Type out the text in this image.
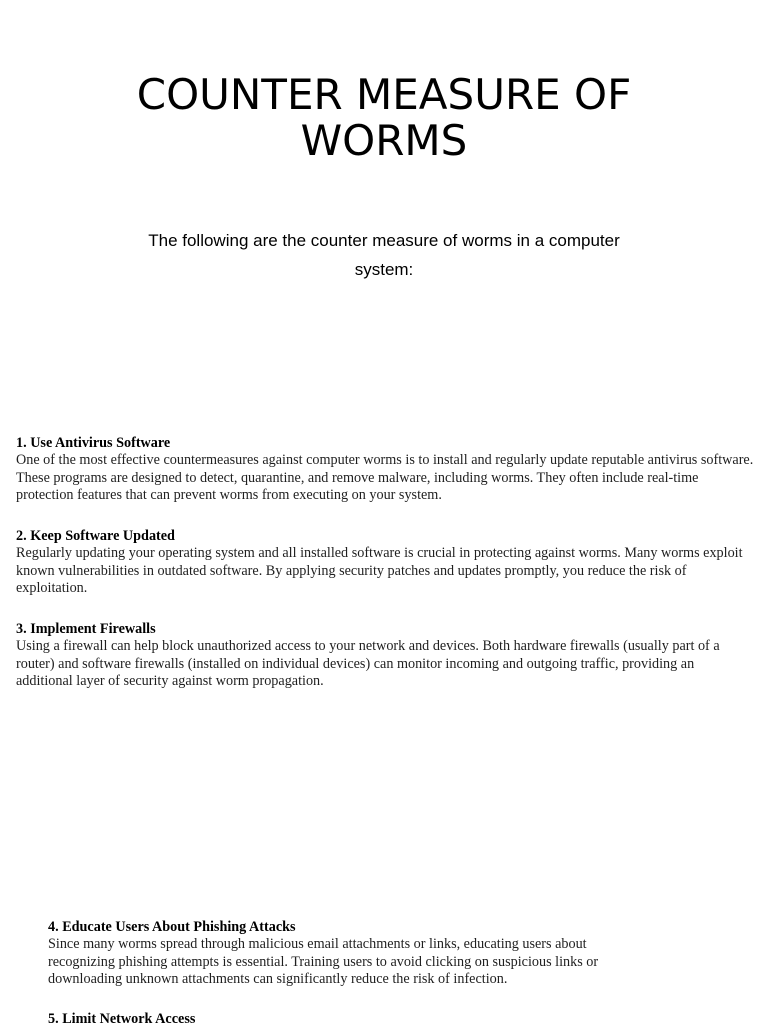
COUNTER MEASURE OF WORMS

The following are the counter measure of worms in a computer system:

1. Use Antivirus Software
One of the most effective countermeasures against computer worms is to install and regularly update reputable antivirus software. These programs are designed to detect, quarantine, and remove malware, including worms. They often include real-time protection features that can prevent worms from executing on your system.
2. Keep Software Updated
Regularly updating your operating system and all installed software is crucial in protecting against worms. Many worms exploit known vulnerabilities in outdated software. By applying security patches and updates promptly, you reduce the risk of exploitation.
3. Implement Firewalls
Using a firewall can help block unauthorized access to your network and devices. Both hardware firewalls (usually part of a router) and software firewalls (installed on individual devices) can monitor incoming and outgoing traffic, providing an additional layer of security against worm propagation.
4. Educate Users About Phishing Attacks
Since many worms spread through malicious email attachments or links, educating users about recognizing phishing attempts is essential. Training users to avoid clicking on suspicious links or downloading unknown attachments can significantly reduce the risk of infection.
5. Limit Network Access
